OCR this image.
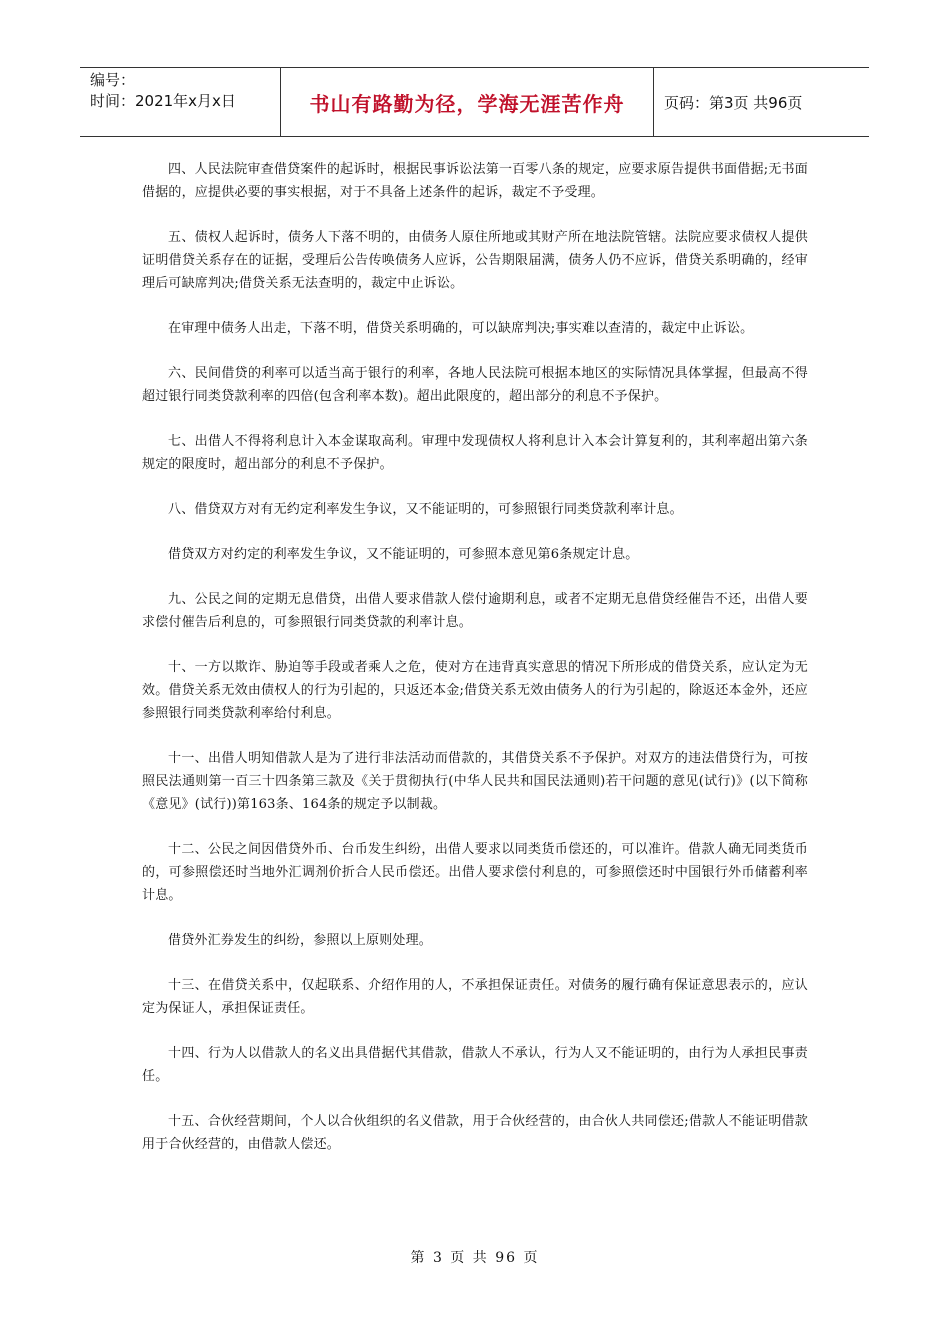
编号：
时间：2021年x月x日	书山有路勤为径，学海无涯苦作舟	页码：第3页 共96页

四、人民法院审查借贷案件的起诉时，根据民事诉讼法第一百零八条的规定，应要求原告提供书面借据;无书面借据的，应提供必要的事实根据，对于不具备上述条件的起诉，裁定不予受理。

五、债权人起诉时，债务人下落不明的，由债务人原住所地或其财产所在地法院管辖。法院应要求债权人提供证明借贷关系存在的证据，受理后公告传唤债务人应诉，公告期限届满，债务人仍不应诉，借贷关系明确的，经审理后可缺席判决;借贷关系无法查明的，裁定中止诉讼。

在审理中债务人出走，下落不明，借贷关系明确的，可以缺席判决;事实难以查清的，裁定中止诉讼。

六、民间借贷的利率可以适当高于银行的利率，各地人民法院可根据本地区的实际情况具体掌握，但最高不得超过银行同类贷款利率的四倍(包含利率本数)。超出此限度的，超出部分的利息不予保护。

七、出借人不得将利息计入本金谋取高利。审理中发现债权人将利息计入本会计算复利的，其利率超出第六条规定的限度时，超出部分的利息不予保护。

八、借贷双方对有无约定利率发生争议，又不能证明的，可参照银行同类贷款利率计息。

借贷双方对约定的利率发生争议，又不能证明的，可参照本意见第6条规定计息。

九、公民之间的定期无息借贷，出借人要求借款人偿付逾期利息，或者不定期无息借贷经催告不还，出借人要求偿付催告后利息的，可参照银行同类贷款的利率计息。

十、一方以欺诈、胁迫等手段或者乘人之危，使对方在违背真实意思的情况下所形成的借贷关系，应认定为无效。借贷关系无效由债权人的行为引起的，只返还本金;借贷关系无效由债务人的行为引起的，除返还本金外，还应参照银行同类贷款利率给付利息。

十一、出借人明知借款人是为了进行非法活动而借款的，其借贷关系不予保护。对双方的违法借贷行为，可按照民法通则第一百三十四条第三款及《关于贯彻执行(中华人民共和国民法通则)若干问题的意见(试行)》(以下简称《意见》(试行))第163条、164条的规定予以制裁。

十二、公民之间因借贷外币、台币发生纠纷，出借人要求以同类货币偿还的，可以准许。借款人确无同类货币的，可参照偿还时当地外汇调剂价折合人民币偿还。出借人要求偿付利息的，可参照偿还时中国银行外币储蓄利率计息。

借贷外汇券发生的纠纷，参照以上原则处理。

十三、在借贷关系中，仅起联系、介绍作用的人，不承担保证责任。对债务的履行确有保证意思表示的，应认定为保证人，承担保证责任。

十四、行为人以借款人的名义出具借据代其借款，借款人不承认，行为人又不能证明的，由行为人承担民事责任。

十五、合伙经营期间，个人以合伙组织的名义借款，用于合伙经营的，由合伙人共同偿还;借款人不能证明借款用于合伙经营的，由借款人偿还。

第 3 页 共 96 页
